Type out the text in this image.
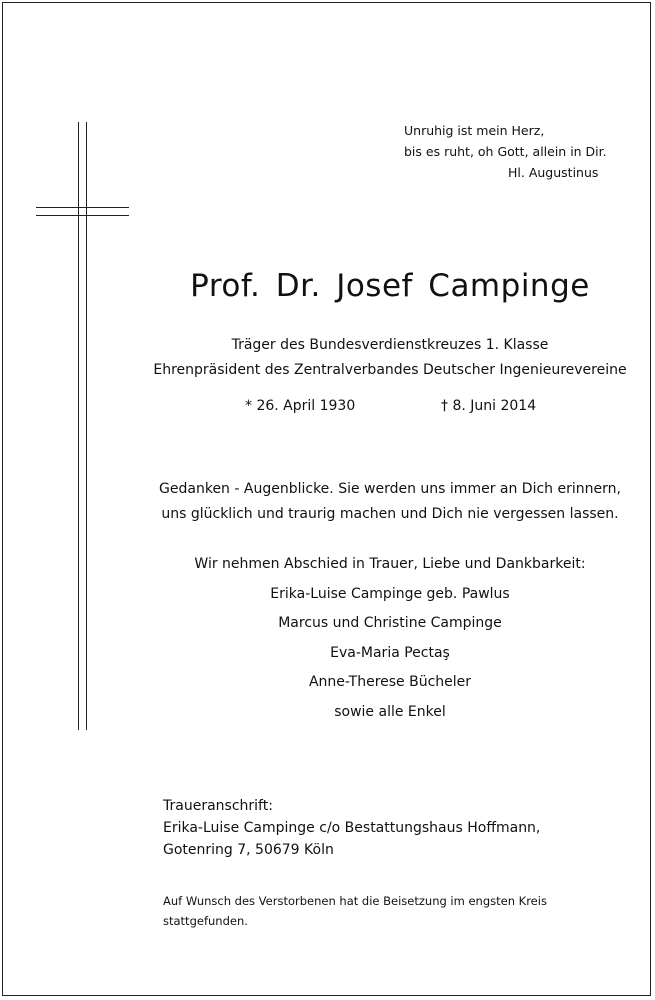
Unruhig ist mein Herz,
bis es ruht, oh Gott, allein in Dir.
Hl. Augustinus
Prof. Dr. Josef Campinge
Träger des Bundesverdienstkreuzes 1. Klasse
Ehrenpräsident des Zentralverbandes Deutscher Ingenieurevereine
* 26. April 1930	† 8. Juni 2014
Gedanken - Augenblicke. Sie werden uns immer an Dich erinnern,
uns glücklich und traurig machen und Dich nie vergessen lassen.
Wir nehmen Abschied in Trauer, Liebe und Dankbarkeit:
Erika-Luise Campinge geb. Pawlus
Marcus und Christine Campinge
Eva-Maria Pectaş
Anne-Therese Bücheler
sowie alle Enkel
Traueranschrift:
Erika-Luise Campinge c/o Bestattungshaus Hoffmann,
Gotenring 7, 50679 Köln
Auf Wunsch des Verstorbenen hat die Beisetzung im engsten Kreis
stattgefunden.
